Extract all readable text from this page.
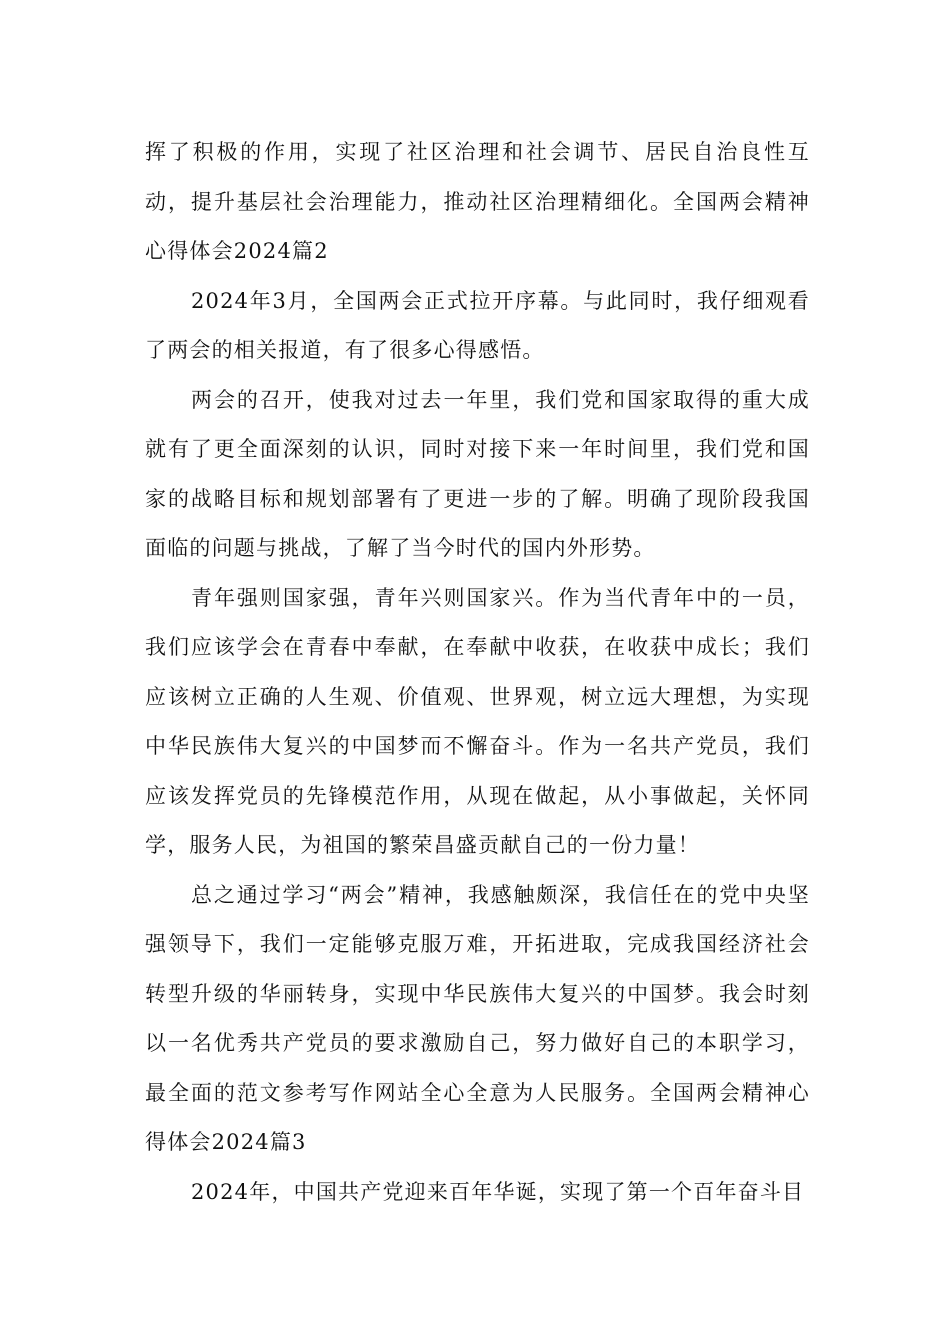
挥了积极的作用，实现了社区治理和社会调节、居民自治良性互动，提升基层社会治理能力，推动社区治理精细化。全国两会精神心得体会2024篇2

2024年3月，全国两会正式拉开序幕。与此同时，我仔细观看了两会的相关报道，有了很多心得感悟。

两会的召开，使我对过去一年里，我们党和国家取得的重大成就有了更全面深刻的认识，同时对接下来一年时间里，我们党和国家的战略目标和规划部署有了更进一步的了解。明确了现阶段我国面临的问题与挑战，了解了当今时代的国内外形势。

青年强则国家强，青年兴则国家兴。作为当代青年中的一员，我们应该学会在青春中奉献，在奉献中收获，在收获中成长；我们应该树立正确的人生观、价值观、世界观，树立远大理想，为实现中华民族伟大复兴的中国梦而不懈奋斗。作为一名共产党员，我们应该发挥党员的先锋模范作用，从现在做起，从小事做起，关怀同学，服务人民，为祖国的繁荣昌盛贡献自己的一份力量！

总之通过学习“两会”精神，我感触颇深，我信任在的党中央坚强领导下，我们一定能够克服万难，开拓进取，完成我国经济社会转型升级的华丽转身，实现中华民族伟大复兴的中国梦。我会时刻以一名优秀共产党员的要求激励自己，努力做好自己的本职学习，最全面的范文参考写作网站全心全意为人民服务。全国两会精神心得体会2024篇3

2024年，中国共产党迎来百年华诞，实现了第一个百年奋斗目
